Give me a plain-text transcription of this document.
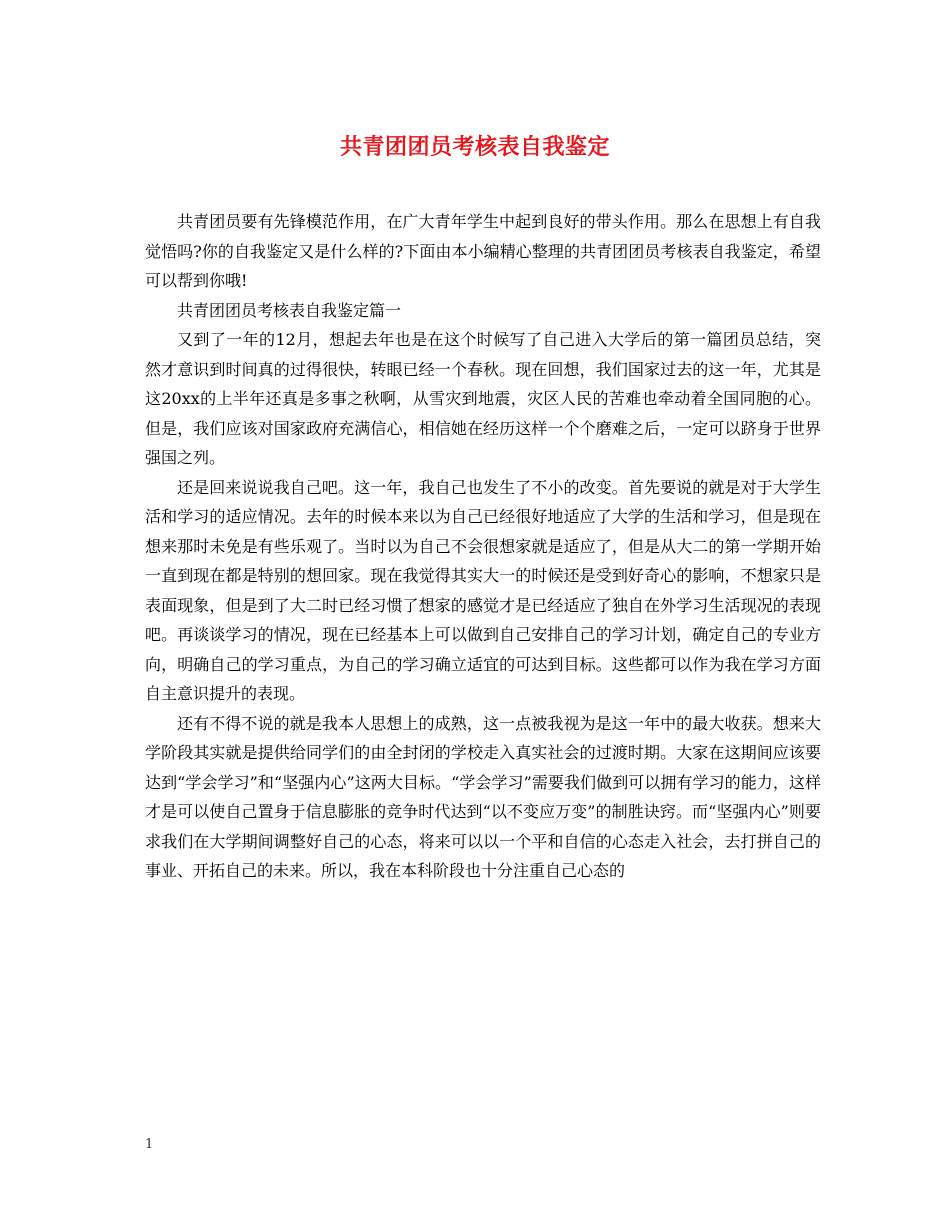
共青团团员考核表自我鉴定

共青团员要有先锋模范作用，在广大青年学生中起到良好的带头作用。那么在思想上有自我觉悟吗?你的自我鉴定又是什么样的?下面由本小编精心整理的共青团团员考核表自我鉴定，希望可以帮到你哦!

共青团团员考核表自我鉴定篇一

又到了一年的12月，想起去年也是在这个时候写了自己进入大学后的第一篇团员总结，突然才意识到时间真的过得很快，转眼已经一个春秋。现在回想，我们国家过去的这一年，尤其是这20xx的上半年还真是多事之秋啊，从雪灾到地震，灾区人民的苦难也牵动着全国同胞的心。但是，我们应该对国家政府充满信心，相信她在经历这样一个个磨难之后，一定可以跻身于世界强国之列。

还是回来说说我自己吧。这一年，我自己也发生了不小的改变。首先要说的就是对于大学生活和学习的适应情况。去年的时候本来以为自己已经很好地适应了大学的生活和学习，但是现在想来那时未免是有些乐观了。当时以为自己不会很想家就是适应了，但是从大二的第一学期开始一直到现在都是特别的想回家。现在我觉得其实大一的时候还是受到好奇心的影响，不想家只是表面现象，但是到了大二时已经习惯了想家的感觉才是已经适应了独自在外学习生活现况的表现吧。再谈谈学习的情况，现在已经基本上可以做到自己安排自己的学习计划，确定自己的专业方向，明确自己的学习重点，为自己的学习确立适宜的可达到目标。这些都可以作为我在学习方面自主意识提升的表现。

还有不得不说的就是我本人思想上的成熟，这一点被我视为是这一年中的最大收获。想来大学阶段其实就是提供给同学们的由全封闭的学校走入真实社会的过渡时期。大家在这期间应该要达到“学会学习”和“坚强内心”这两大目标。“学会学习”需要我们做到可以拥有学习的能力，这样才是可以使自己置身于信息膨胀的竞争时代达到“以不变应万变”的制胜诀窍。而“坚强内心”则要求我们在大学期间调整好自己的心态，将来可以以一个平和自信的心态走入社会，去打拼自己的事业、开拓自己的未来。所以，我在本科阶段也十分注重自己心态的

1
